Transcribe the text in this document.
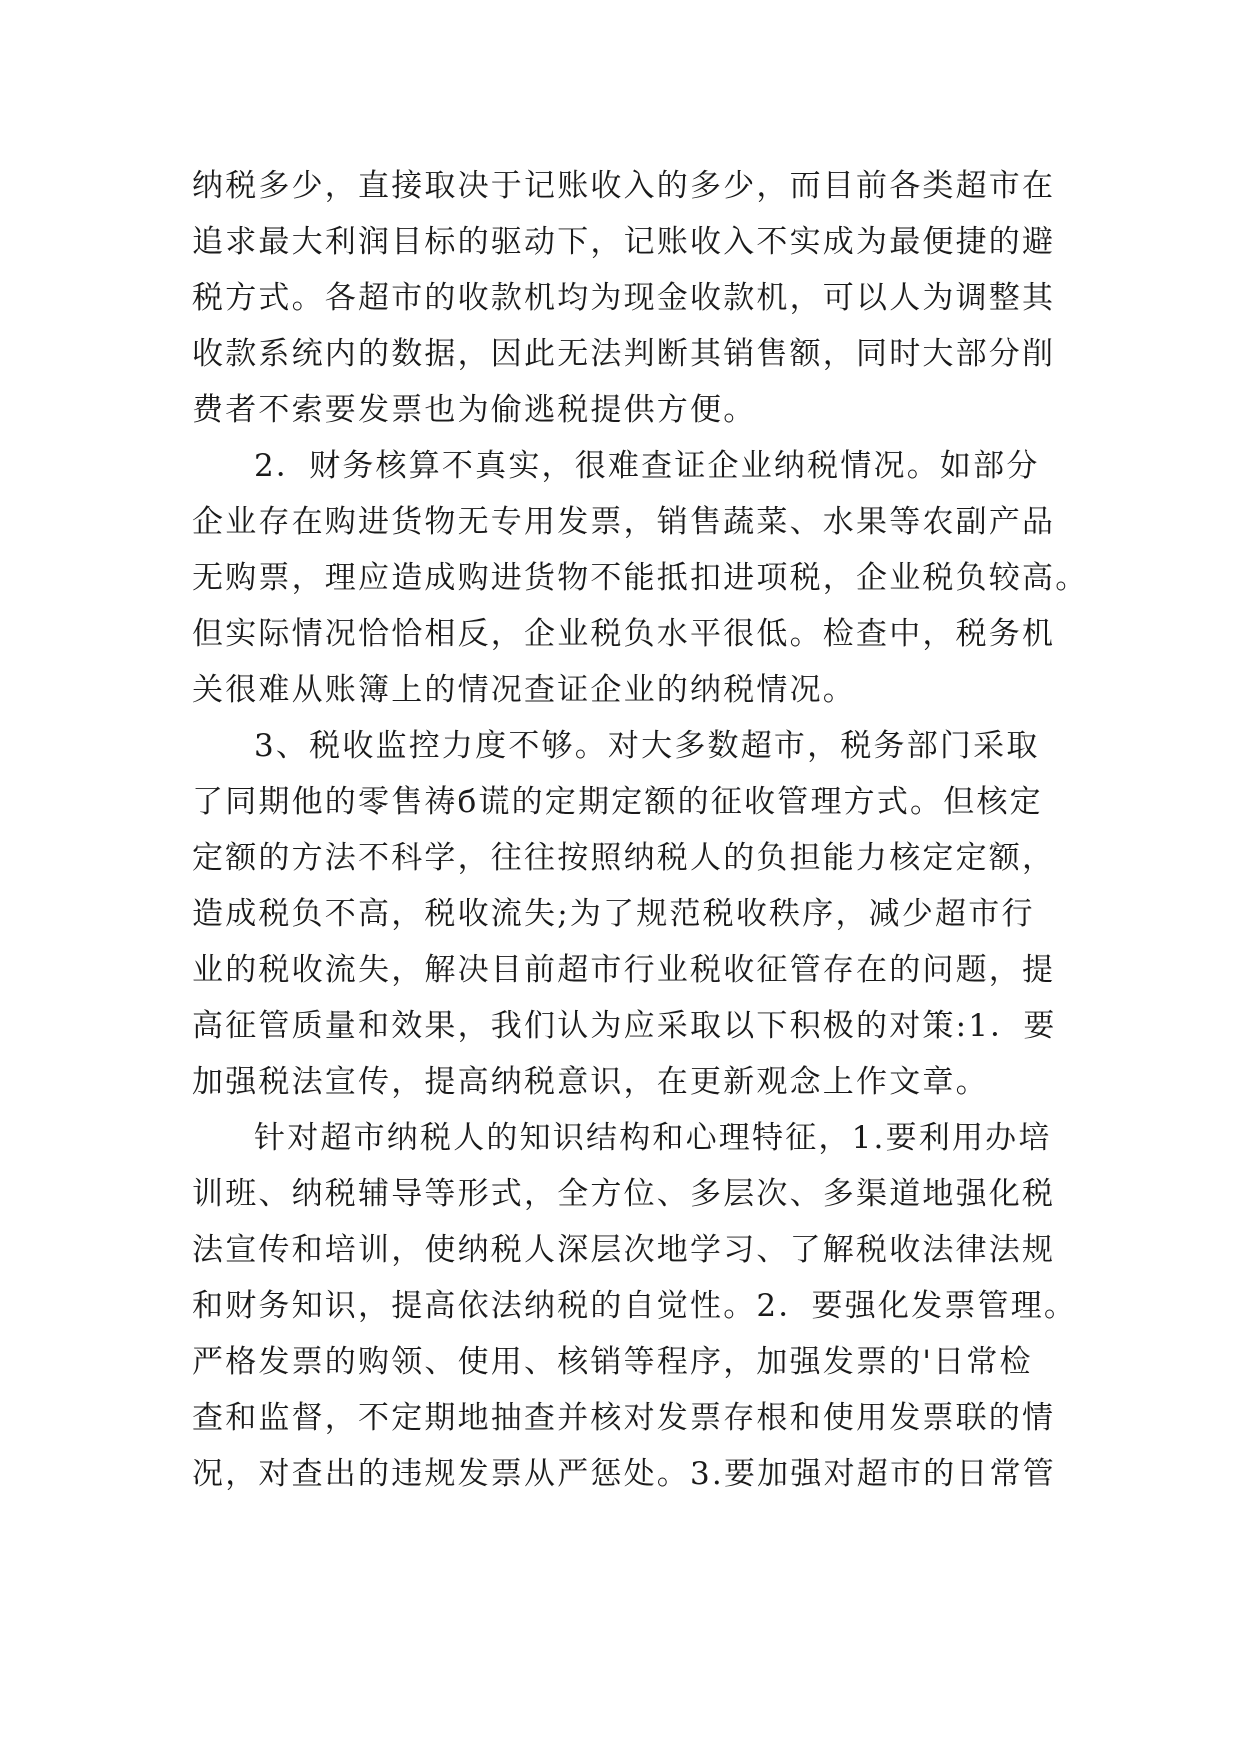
纳税多少，直接取决于记账收入的多少，而目前各类超市在
追求最大利润目标的驱动下，记账收入不实成为最便捷的避
税方式。各超市的收款机均为现金收款机，可以人为调整其
收款系统内的数据，因此无法判断其销售额，同时大部分削
费者不索要发票也为偷逃税提供方便。
2．财务核算不真实，很难查证企业纳税情况。如部分
企业存在购进货物无专用发票，销售蔬菜、水果等农副产品
无购票，理应造成购进货物不能抵扣进项税，企业税负较高。
但实际情况恰恰相反，企业税负水平很低。检查中，税务机
关很难从账簿上的情况查证企业的纳税情况。
3、税收监控力度不够。对大多数超市，税务部门采取
了同期他的零售祷б谎的定期定额的征收管理方式。但核定
定额的方法不科学，往往按照纳税人的负担能力核定定额，
造成税负不高，税收流失;为了规范税收秩序，减少超市行
业的税收流失，解决目前超市行业税收征管存在的问题，提
高征管质量和效果，我们认为应采取以下积极的对策:1．要
加强税法宣传，提高纳税意识，在更新观念上作文章。
针对超市纳税人的知识结构和心理特征，1.要利用办培
训班、纳税辅导等形式，全方位、多层次、多渠道地强化税
法宣传和培训，使纳税人深层次地学习、了解税收法律法规
和财务知识，提高依法纳税的自觉性。2．要强化发票管理。
严格发票的购领、使用、核销等程序，加强发票的'日常检
查和监督，不定期地抽查并核对发票存根和使用发票联的情
况，对查出的违规发票从严惩处。3.要加强对超市的日常管
